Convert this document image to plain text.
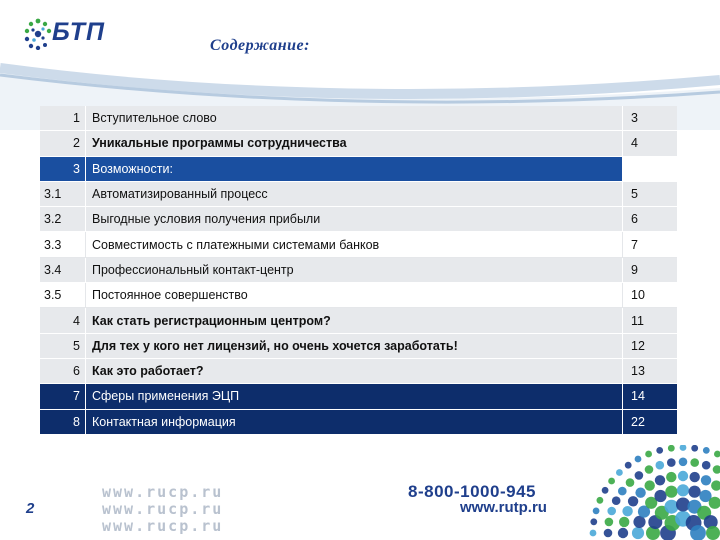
БТП	Содержание:
1	Вступительное слово	3
2	Уникальные программы сотрудничества	4
3	Возможности:	
3.1	Автоматизированный процесс	5
3.2	Выгодные условия получения прибыли	6
3.3	Совместимость с платежными системами банков	7
3.4	Профессиональный контакт-центр	9
3.5	Постоянное совершенство	10
4	Как стать регистрационным центром?	11
5	Для тех у кого нет лицензий, но очень хочется заработать!	12
6	Как это работает?	13
7	Сферы применения ЭЦП	14
8	Контактная информация	22
2
www.rucp.ru
www.rucp.ru
www.rucp.ru
8-800-1000-945
www.rutp.ru
